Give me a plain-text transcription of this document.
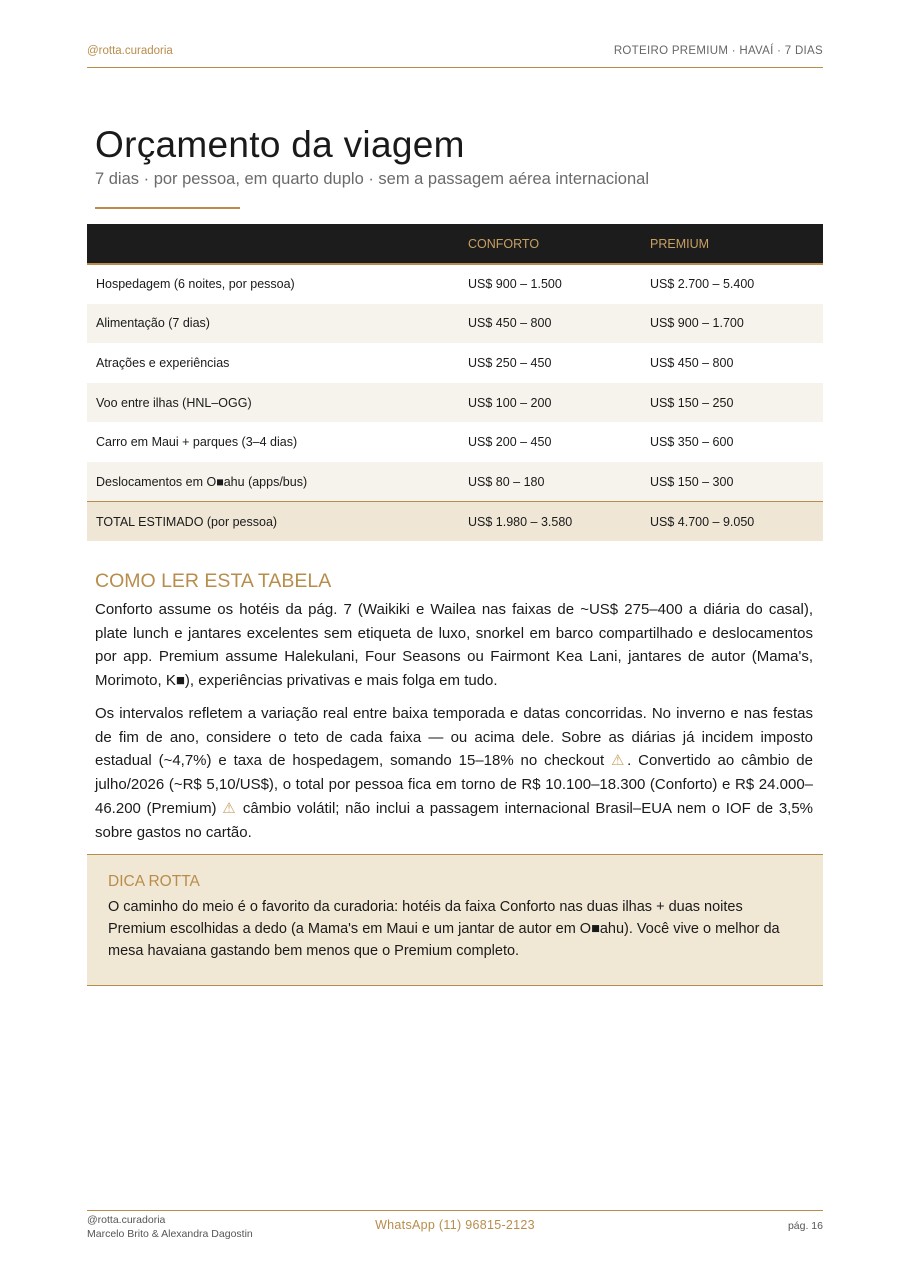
@rotta.curadoria	ROTEIRO PREMIUM · HAVAÍ · 7 DIAS
Orçamento da viagem
7 dias · por pessoa, em quarto duplo · sem a passagem aérea internacional
	CONFORTO	PREMIUM
Hospedagem (6 noites, por pessoa)	US$ 900 – 1.500	US$ 2.700 – 5.400
Alimentação (7 dias)	US$ 450 – 800	US$ 900 – 1.700
Atrações e experiências	US$ 250 – 450	US$ 450 – 800
Voo entre ilhas (HNL–OGG)	US$ 100 – 200	US$ 150 – 250
Carro em Maui + parques (3–4 dias)	US$ 200 – 450	US$ 350 – 600
Deslocamentos em O■ahu (apps/bus)	US$ 80 – 180	US$ 150 – 300
TOTAL ESTIMADO (por pessoa)	US$ 1.980 – 3.580	US$ 4.700 – 9.050
COMO LER ESTA TABELA

Conforto assume os hotéis da pág. 7 (Waikiki e Wailea nas faixas de ~US$ 275–400 a diária do casal), plate lunch e jantares excelentes sem etiqueta de luxo, snorkel em barco compartilhado e deslocamentos por app. Premium assume Halekulani, Four Seasons ou Fairmont Kea Lani, jantares de autor (Mama's, Morimoto, K■), experiências privativas e mais folga em tudo.

Os intervalos refletem a variação real entre baixa temporada e datas concorridas. No inverno e nas festas de fim de ano, considere o teto de cada faixa — ou acima dele. Sobre as diárias já incidem imposto estadual (~4,7%) e taxa de hospedagem, somando 15–18% no checkout ⚠. Convertido ao câmbio de julho/2026 (~R$ 5,10/US$), o total por pessoa fica em torno de R$ 10.100–18.300 (Conforto) e R$ 24.000–46.200 (Premium) ⚠ câmbio volátil; não inclui a passagem internacional Brasil–EUA nem o IOF de 3,5% sobre gastos no cartão.

DICA ROTTA
O caminho do meio é o favorito da curadoria: hotéis da faixa Conforto nas duas ilhas + duas noites Premium escolhidas a dedo (a Mama's em Maui e um jantar de autor em O■ahu). Você vive o melhor da mesa havaiana gastando bem menos que o Premium completo.
@rotta.curadoria
Marcelo Brito & Alexandra Dagostin
WhatsApp (11) 96815-2123	pág. 16
